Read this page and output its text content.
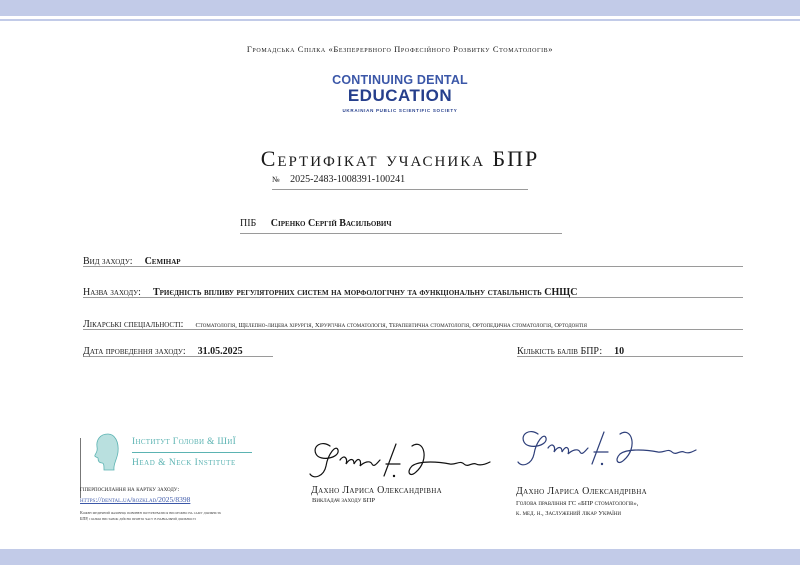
Громадська Спілка «Безперервного Професійного Розвитку Стоматологів»
CONTINUING DENTAL
EDUCATION
UKRAINIAN PUBLIC SCIENTIFIC SOCIETY
Сертифікат учасника БПР
№ 2025-2483-1008391-100241
ПІБ Сіренко Сергій Васильович
Вид заходу: Семінар
Назва заходу: Триєдність впливу регуляторних систем на морфологічну та функціональну стабільність СНЩС
Лікарські спеціальності: Стоматологія, Щелепно-лицева хірургія, Хірургічна стоматологія, Терапевтична стоматологія, Ортопедична стоматологія, Ортодонтія
Дата проведення заходу: 31.05.2025	Кількість балів БПР: 10
Інститут Голови & ШиЇ
Head & Neck Institute
гіперпосилання на картку заходу:
https://dental.ua/rozklad/2025/8398
Кожен медичний фахівець повинен потурбуватися висмужно на саму діяльність БПР, і кількі виставок дійсно пронто часу в навчальній діяльності
Дахно Лариса Олександрівна
Викладач заходу БПР
Дахно Лариса Олександрівна
Голова правління ГС «БПР стоматологів»,
к. мед. н., Заслужений лікар України
